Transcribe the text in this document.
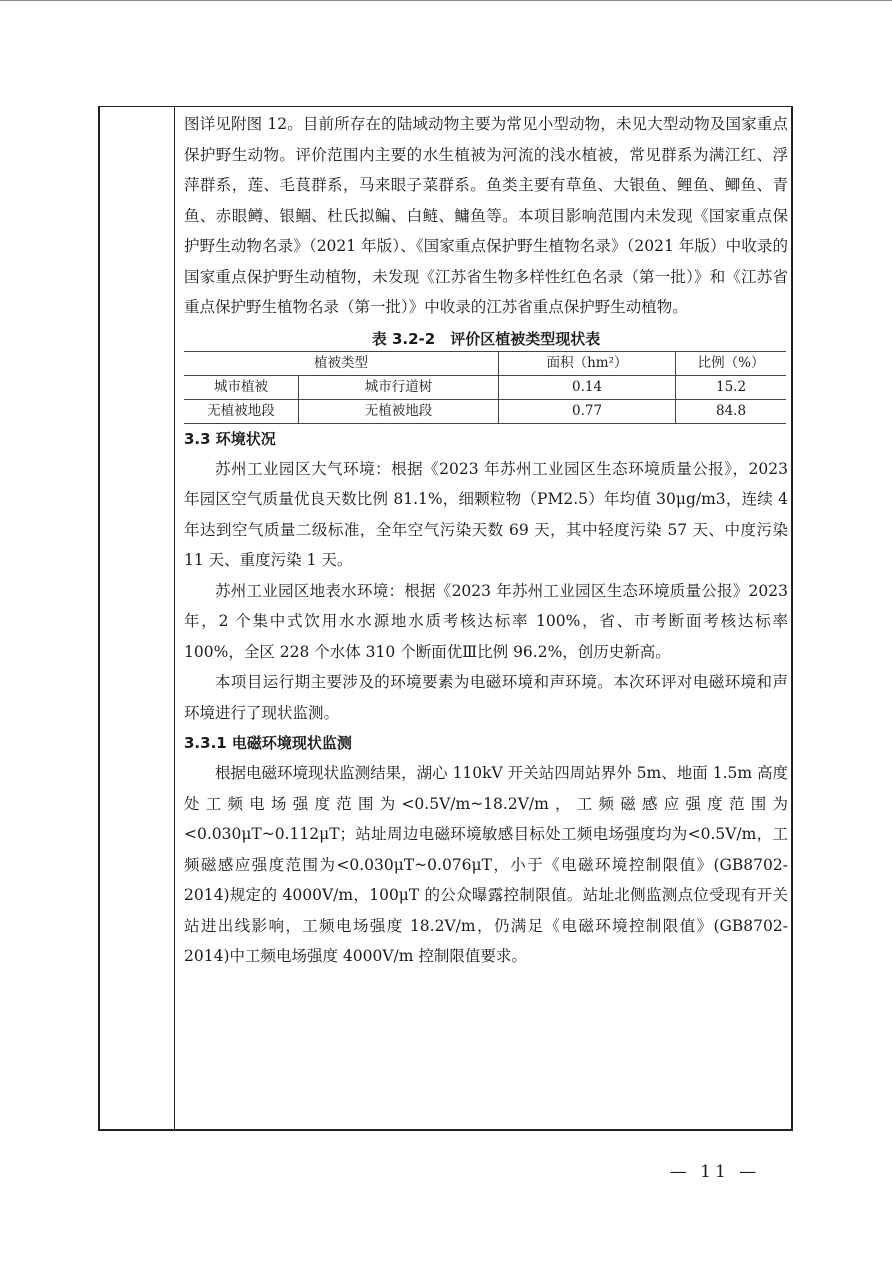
图详见附图 12。目前所存在的陆域动物主要为常见小型动物，未见大型动物及国家重点保护野生动物。评价范围内主要的水生植被为河流的浅水植被，常见群系为满江红、浮萍群系，莲、毛茛群系，马来眼子菜群系。鱼类主要有草鱼、大银鱼、鲤鱼、鲫鱼、青鱼、赤眼鳟、银鲴、杜氏拟鳊、白鲢、鳙鱼等。本项目影响范围内未发现《国家重点保护野生动物名录》（2021 年版）、《国家重点保护野生植物名录》（2021 年版）中收录的国家重点保护野生动植物，未发现《江苏省生物多样性红色名录（第一批）》和《江苏省重点保护野生植物名录（第一批）》中收录的江苏省重点保护野生动植物。

表 3.2-2　评价区植被类型现状表
植被类型		面积（hm²）	比例（%）
城市植被	城市行道树	0.14	15.2
无植被地段	无植被地段	0.77	84.8

3.3 环境状况

苏州工业园区大气环境：根据《2023 年苏州工业园区生态环境质量公报》，2023 年园区空气质量优良天数比例 81.1%，细颗粒物（PM2.5）年均值 30μg/m3，连续 4 年达到空气质量二级标准，全年空气污染天数 69 天，其中轻度污染 57 天、中度污染 11 天、重度污染 1 天。

苏州工业园区地表水环境：根据《2023 年苏州工业园区生态环境质量公报》2023 年，2 个集中式饮用水水源地水质考核达标率 100%，省、市考断面考核达标率 100%，全区 228 个水体 310 个断面优Ⅲ比例 96.2%，创历史新高。

本项目运行期主要涉及的环境要素为电磁环境和声环境。本次环评对电磁环境和声环境进行了现状监测。

3.3.1 电磁环境现状监测

根据电磁环境现状监测结果，湖心 110kV 开关站四周站界外 5m、地面 1.5m 高度处工频电场强度范围为<0.5V/m~18.2V/m，工频磁感应强度范围为<0.030μT~0.112μT；站址周边电磁环境敏感目标处工频电场强度均为<0.5V/m，工频磁感应强度范围为<0.030μT~0.076μT，小于《电磁环境控制限值》(GB8702-2014)规定的 4000V/m，100μT 的公众曝露控制限值。站址北侧监测点位受现有开关站进出线影响，工频电场强度 18.2V/m，仍满足《电磁环境控制限值》(GB8702-2014)中工频电场强度 4000V/m 控制限值要求。

— 11 —
